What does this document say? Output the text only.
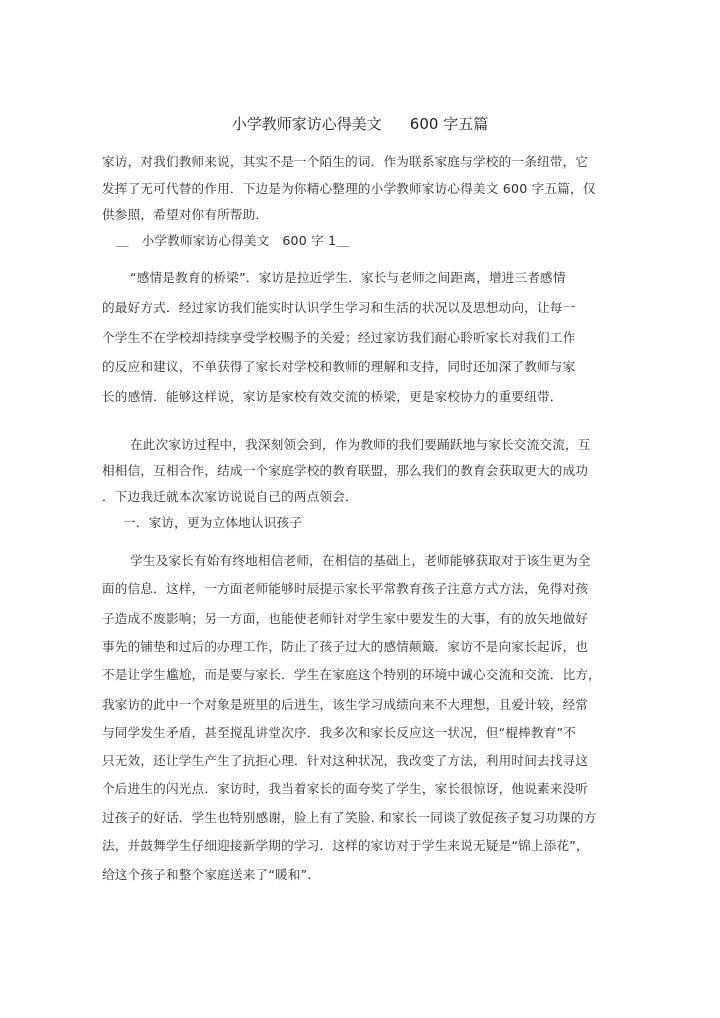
小学教师家访心得美文 600 字五篇
家访，对我们教师来说，其实不是一个陌生的词．作为联系家庭与学校的一条纽带，它
发挥了无可代替的作用．下边是为你精心整理的小学教师家访心得美文 600 字五篇，仅
供参照，希望对你有所帮助．
＿　小学教师家访心得美文　600 字 1＿
“感情是教育的桥梁”．家访是拉近学生．家长与老师之间距离，增进三者感情
的最好方式．经过家访我们能实时认识学生学习和生活的状况以及思想动向，让每一
个学生不在学校却持续享受学校赐予的关爱；经过家访我们耐心聆听家长对我们工作
的反应和建议，不单获得了家长对学校和教师的理解和支持，同时还加深了教师与家
长的感情．能够这样说，家访是家校有效交流的桥梁，更是家校协力的重要纽带．
在此次家访过程中，我深刻领会到，作为教师的我们要踊跃地与家长交流交流，互
相相信，互相合作，结成一个家庭学校的教育联盟，那么我们的教育会获取更大的成功
．下边我迁就本次家访说说自己的两点领会．
一．家访，更为立体地认识孩子
学生及家长有始有终地相信老师，在相信的基础上，老师能够获取对于该生更为全
面的信息．这样，一方面老师能够时辰提示家长平常教育孩子注意方式方法，免得对孩
子造成不废影响；另一方面，也能使老师针对学生家中要发生的大事，有的放矢地做好
事先的铺垫和过后的办理工作，防止了孩子过大的感情颠簸．家访不是向家长起诉，也
不是让学生尴尬，而是要与家长．学生在家庭这个特别的环境中诚心交流和交流．比方，
我家访的此中一个对象是班里的后进生，该生学习成绩向来不大理想，且爱计较，经常
与同学发生矛盾，甚至搅乱讲堂次序．我多次和家长反应这一状况，但“棍棒教育”不
只无效，还让学生产生了抗拒心理．针对这种状况，我改变了方法，利用时间去找寻这
个后进生的闪光点．家访时，我当着家长的面夸奖了学生，家长很惊讶，他说素来没听
过孩子的好话．学生也特别感谢，脸上有了笑脸. 和家长一同谈了敦促孩子复习功课的方
法，并鼓舞学生仔细迎接新学期的学习．这样的家访对于学生来说无疑是“锦上添花”，
给这个孩子和整个家庭送来了“暖和”．
